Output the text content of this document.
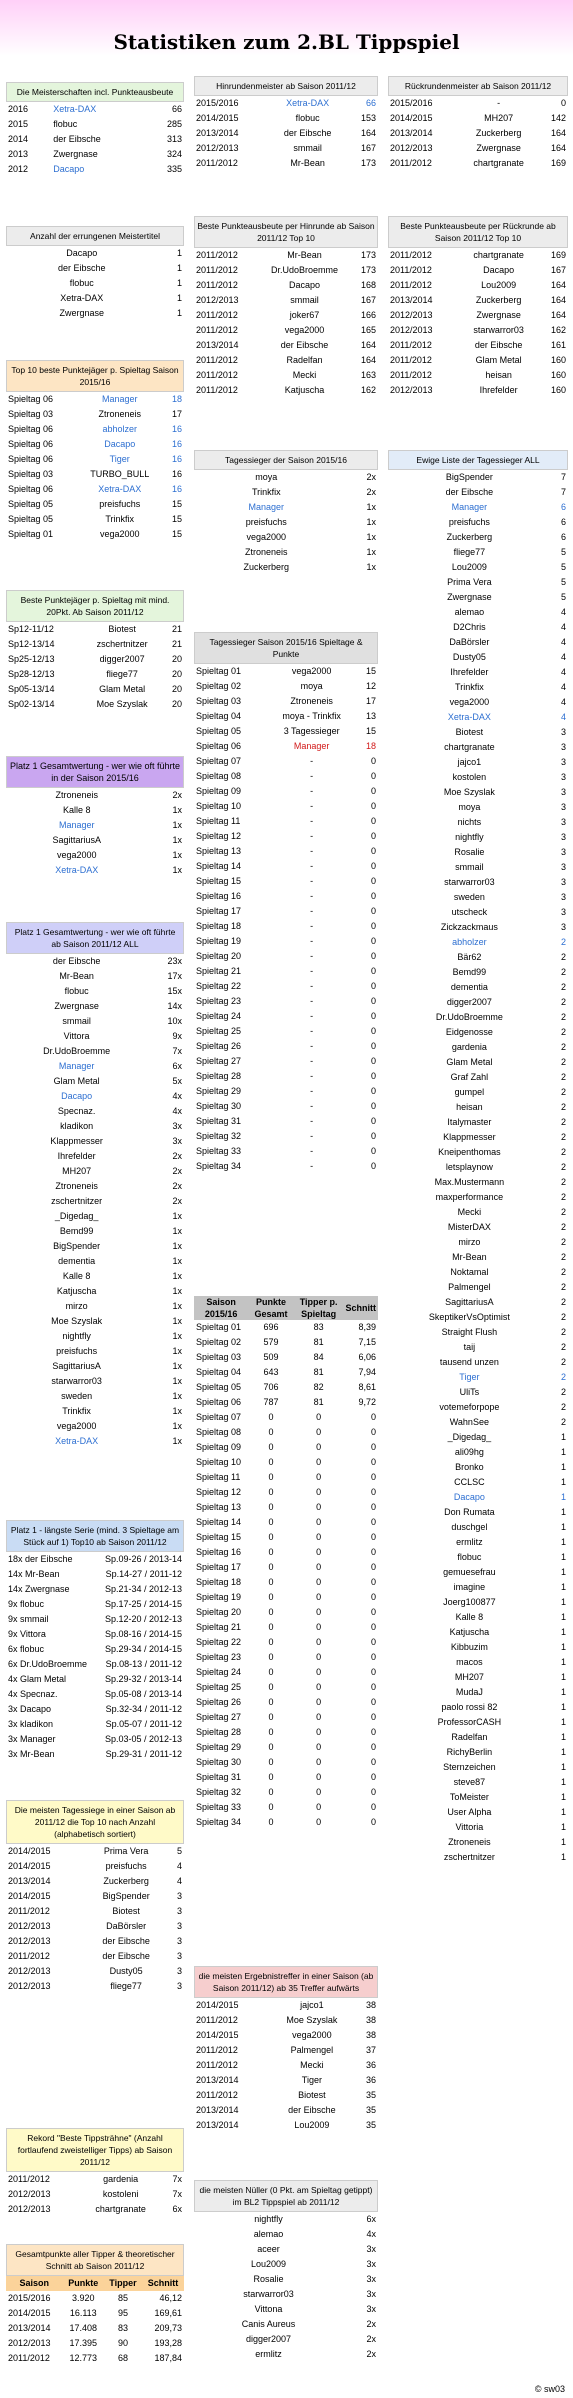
Statistiken zum 2.BL Tippspiel
Die Meisterschaften incl. Punkteausbeute
2016	Xetra-DAX	66
2015	flobuc	285
2014	der Eibsche	313
2013	Zwergnase	324
2012	Dacapo	335
Anzahl der errungenen Meistertitel
Dacapo	1
der Eibsche	1
flobuc	1
Xetra-DAX	1
Zwergnase	1
Top 10 beste Punktejäger p. Spieltag Saison 2015/16
Spieltag 06	Manager	18
Spieltag 03	Ztroneneis	17
Spieltag 06	abholzer	16
Spieltag 06	Dacapo	16
Spieltag 06	Tiger	16
Spieltag 03	TURBO_BULL	16
Spieltag 06	Xetra-DAX	16
Spieltag 05	preisfuchs	15
Spieltag 05	Trinkfix	15
Spieltag 01	vega2000	15
Beste Punktejäger p. Spieltag mit mind. 20Pkt. Ab Saison 2011/12
Sp12-11/12	Biotest	21
Sp12-13/14	zschertnitzer	21
Sp25-12/13	digger2007	20
Sp28-12/13	fliege77	20
Sp05-13/14	Glam Metal	20
Sp02-13/14	Moe Szyslak	20
Platz 1 Gesamtwertung - wer wie oft führte in der Saison 2015/16
Ztroneneis	2x
Kalle 8	1x
Manager	1x
SagittariusA	1x
vega2000	1x
Xetra-DAX	1x
Platz 1 Gesamtwertung - wer wie oft führte ab Saison 2011/12 ALL
der Eibsche	23x
Mr-Bean	17x
flobuc	15x
Zwergnase	14x
smmail	10x
Vittora	9x
Dr.UdoBroemme	7x
Manager	6x
Glam Metal	5x
Dacapo	4x
Specnaz.	4x
kladikon	3x
Klappmesser	3x
Ihrefelder	2x
MH207	2x
Ztroneneis	2x
zschertnitzer	2x
_Digedag_	1x
Bemd99	1x
BigSpender	1x
dementia	1x
Kalle 8	1x
Katjuscha	1x
mirzo	1x
Moe Szyslak	1x
nightfly	1x
preisfuchs	1x
SagittariusA	1x
starwarror03	1x
sweden	1x
Trinkfix	1x
vega2000	1x
Xetra-DAX	1x
Platz 1 - längste Serie (mind. 3 Spieltage am Stück auf 1) Top10 ab Saison 2011/12
18x der Eibsche	Sp.09-26 / 2013-14
14x Mr-Bean	Sp.14-27 / 2011-12
14x Zwergnase	Sp.21-34 / 2012-13
9x flobuc	Sp.17-25 / 2014-15
9x smmail	Sp.12-20 / 2012-13
9x Vittora	Sp.08-16 / 2014-15
6x flobuc	Sp.29-34 / 2014-15
6x Dr.UdoBroemme	Sp.08-13 / 2011-12
4x Glam Metal	Sp.29-32 / 2013-14
4x Specnaz.	Sp.05-08 / 2013-14
3x Dacapo	Sp.32-34 / 2011-12
3x kladikon	Sp.05-07 / 2011-12
3x Manager	Sp.03-05 / 2012-13
3x Mr-Bean	Sp.29-31 / 2011-12
Die meisten Tagessiege in einer Saison ab 2011/12 die Top 10 nach Anzahl (alphabetisch sortiert)
2014/2015	Prima Vera	5
2014/2015	preisfuchs	4
2013/2014	Zuckerberg	4
2014/2015	BigSpender	3
2011/2012	Biotest	3
2012/2013	DaBörsler	3
2012/2013	der Eibsche	3
2011/2012	der Eibsche	3
2012/2013	Dusty05	3
2012/2013	fliege77	3
Rekord "Beste Tippsträhne" (Anzahl fortlaufend zweistelliger Tipps) ab Saison 2011/12
2011/2012	gardenia	7x
2012/2013	kostoleni	7x
2012/2013	chartgranate	6x
Gesamtpunkte aller Tipper & theoretischer Schnitt ab Saison 2011/12
Saison	Punkte	Tipper	Schnitt
2015/2016	3.920	85	46,12
2014/2015	16.113	95	169,61
2013/2014	17.408	83	209,73
2012/2013	17.395	90	193,28
2011/2012	12.773	68	187,84
Hinrundenmeister ab Saison 2011/12
2015/2016	Xetra-DAX	66
2014/2015	flobuc	153
2013/2014	der Eibsche	164
2012/2013	smmail	167
2011/2012	Mr-Bean	173
Beste Punkteausbeute per Hinrunde ab Saison 2011/12 Top 10
2011/2012	Mr-Bean	173
2011/2012	Dr.UdoBroemme	173
2011/2012	Dacapo	168
2012/2013	smmail	167
2011/2012	joker67	166
2011/2012	vega2000	165
2013/2014	der Eibsche	164
2011/2012	Radelfan	164
2011/2012	Mecki	163
2011/2012	Katjuscha	162
Tagessieger der Saison 2015/16
moya	2x
Trinkfix	2x
Manager	1x
preisfuchs	1x
vega2000	1x
Ztroneneis	1x
Zuckerberg	1x
Tagessieger Saison 2015/16 Spieltage & Punkte
Spieltag 01	vega2000	15
Spieltag 02	moya	12
Spieltag 03	Ztroneneis	17
Spieltag 04	moya - Trinkfix	13
Spieltag 05	3 Tagessieger	15
Spieltag 06	Manager	18
Spieltag 07	-	0
Spieltag 08	-	0
Spieltag 09	-	0
Spieltag 10	-	0
Spieltag 11	-	0
Spieltag 12	-	0
Spieltag 13	-	0
Spieltag 14	-	0
Spieltag 15	-	0
Spieltag 16	-	0
Spieltag 17	-	0
Spieltag 18	-	0
Spieltag 19	-	0
Spieltag 20	-	0
Spieltag 21	-	0
Spieltag 22	-	0
Spieltag 23	-	0
Spieltag 24	-	0
Spieltag 25	-	0
Spieltag 26	-	0
Spieltag 27	-	0
Spieltag 28	-	0
Spieltag 29	-	0
Spieltag 30	-	0
Spieltag 31	-	0
Spieltag 32	-	0
Spieltag 33	-	0
Spieltag 34	-	0
Saison 2015/16	Punkte Gesamt	Tipper p. Spieltag	Schnitt
Spieltag 01	696	83	8,39
Spieltag 02	579	81	7,15
Spieltag 03	509	84	6,06
Spieltag 04	643	81	7,94
Spieltag 05	706	82	8,61
Spieltag 06	787	81	9,72
Spieltag 07	0	0	0
Spieltag 08	0	0	0
Spieltag 09	0	0	0
Spieltag 10	0	0	0
Spieltag 11	0	0	0
Spieltag 12	0	0	0
Spieltag 13	0	0	0
Spieltag 14	0	0	0
Spieltag 15	0	0	0
Spieltag 16	0	0	0
Spieltag 17	0	0	0
Spieltag 18	0	0	0
Spieltag 19	0	0	0
Spieltag 20	0	0	0
Spieltag 21	0	0	0
Spieltag 22	0	0	0
Spieltag 23	0	0	0
Spieltag 24	0	0	0
Spieltag 25	0	0	0
Spieltag 26	0	0	0
Spieltag 27	0	0	0
Spieltag 28	0	0	0
Spieltag 29	0	0	0
Spieltag 30	0	0	0
Spieltag 31	0	0	0
Spieltag 32	0	0	0
Spieltag 33	0	0	0
Spieltag 34	0	0	0
die meisten Ergebnistreffer in einer Saison (ab Saison 2011/12) ab 35 Treffer aufwärts
2014/2015	jajco1	38
2011/2012	Moe Szyslak	38
2014/2015	vega2000	38
2011/2012	Palmengel	37
2011/2012	Mecki	36
2013/2014	Tiger	36
2011/2012	Biotest	35
2013/2014	der Eibsche	35
2013/2014	Lou2009	35
die meisten Nüller (0 Pkt. am Spieltag getippt) im BL2 Tippspiel ab 2011/12
nightfly	6x
alemao	4x
aceer	3x
Lou2009	3x
Rosalie	3x
starwarror03	3x
Vittona	3x
Canis Aureus	2x
digger2007	2x
ermlitz	2x
Rückrundenmeister ab Saison 2011/12
2015/2016	-	0
2014/2015	MH207	142
2013/2014	Zuckerberg	164
2012/2013	Zwergnase	164
2011/2012	chartgranate	169
Beste Punkteausbeute per Rückrunde ab Saison 2011/12 Top 10
2011/2012	chartgranate	169
2011/2012	Dacapo	167
2011/2012	Lou2009	164
2013/2014	Zuckerberg	164
2012/2013	Zwergnase	164
2012/2013	starwarror03	162
2011/2012	der Eibsche	161
2011/2012	Glam Metal	160
2011/2012	heisan	160
2012/2013	Ihrefelder	160
Ewige Liste der Tagessieger ALL
BigSpender	7
der Eibsche	7
Manager	6
preisfuchs	6
Zuckerberg	6
fliege77	5
Lou2009	5
Prima Vera	5
Zwergnase	5
alemao	4
D2Chris	4
DaBörsler	4
Dusty05	4
Ihrefelder	4
Trinkfix	4
vega2000	4
Xetra-DAX	4
Biotest	3
chartgranate	3
jajco1	3
kostolen	3
Moe Szyslak	3
moya	3
nichts	3
nightfly	3
Rosalie	3
smmail	3
starwarror03	3
sweden	3
utscheck	3
Zickzackmaus	3
abholzer	2
Bär62	2
Bemd99	2
dementia	2
digger2007	2
Dr.UdoBroemme	2
Eidgenosse	2
gardenia	2
Glam Metal	2
Graf Zahl	2
gumpel	2
heisan	2
Italymaster	2
Klappmesser	2
Kneipenthomas	2
letsplaynow	2
Max.Mustermann	2
maxperformance	2
Mecki	2
MisterDAX	2
mirzo	2
Mr-Bean	2
Noktamal	2
Palmengel	2
SagittariusA	2
SkeptikerVsOptimist	2
Straight Flush	2
taij	2
tausend unzen	2
Tiger	2
UliTs	2
votemeforpope	2
WahnSee	2
_Digedag_	1
ali09hg	1
Bronko	1
CCLSC	1
Dacapo	1
Don Rumata	1
duschgel	1
ermlitz	1
flobuc	1
gemuesefrau	1
imagine	1
Joerg100877	1
Kalle 8	1
Katjuscha	1
Kibbuzim	1
macos	1
MH207	1
MudaJ	1
paolo rossi 82	1
ProfessorCASH	1
Radelfan	1
RichyBerlin	1
Sternzeichen	1
steve87	1
ToMeister	1
User Alpha	1
Vittoria	1
Ztroneneis	1
zschertnitzer	1
© sw03
